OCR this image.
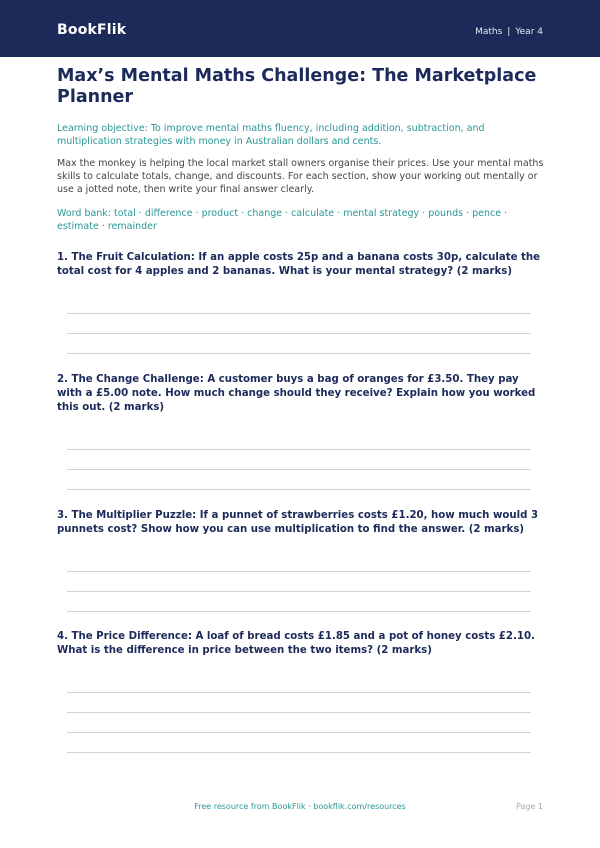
BookFlik	Maths | Year 4
Max’s Mental Maths Challenge: The Marketplace Planner
Learning objective: To improve mental maths fluency, including addition, subtraction, and multiplication strategies with money in Australian dollars and cents.
Max the monkey is helping the local market stall owners organise their prices. Use your mental maths skills to calculate totals, change, and discounts. For each section, show your working out mentally or use a jotted note, then write your final answer clearly.
Word bank: total · difference · product · change · calculate · mental strategy · pounds · pence · estimate · remainder
1. The Fruit Calculation: If an apple costs 25p and a banana costs 30p, calculate the total cost for 4 apples and 2 bananas. What is your mental strategy? (2 marks)
2. The Change Challenge: A customer buys a bag of oranges for £3.50. They pay with a £5.00 note. How much change should they receive? Explain how you worked this out. (2 marks)
3. The Multiplier Puzzle: If a punnet of strawberries costs £1.20, how much would 3 punnets cost? Show how you can use multiplication to find the answer. (2 marks)
4. The Price Difference: A loaf of bread costs £1.85 and a pot of honey costs £2.10. What is the difference in price between the two items? (2 marks)
Free resource from BookFlik · bookflik.com/resources	Page 1
